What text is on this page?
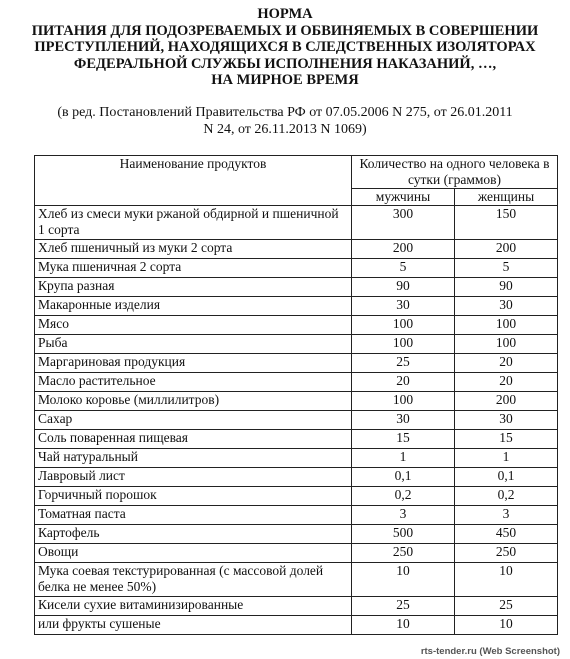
НОРМА
ПИТАНИЯ ДЛЯ ПОДОЗРЕВАЕМЫХ И ОБВИНЯЕМЫХ В СОВЕРШЕНИИ
ПРЕСТУПЛЕНИЙ, НАХОДЯЩИХСЯ В СЛЕДСТВЕННЫХ ИЗОЛЯТОРАХ
ФЕДЕРАЛЬНОЙ СЛУЖБЫ ИСПОЛНЕНИЯ НАКАЗАНИЙ, …,
НА МИРНОЕ ВРЕМЯ
(в ред. Постановлений Правительства РФ от 07.05.2006 N 275, от 26.01.2011
N 24, от 26.11.2013 N 1069)
Наименование продуктов	Количество на одного человека в сутки (граммов)	
	мужчины	женщины
Хлеб из смеси муки ржаной обдирной и пшеничной 1 сорта	300	150
Хлеб пшеничный из муки 2 сорта	200	200
Мука пшеничная 2 сорта	5	5
Крупа разная	90	90
Макаронные изделия	30	30
Мясо	100	100
Рыба	100	100
Маргариновая продукция	25	20
Масло растительное	20	20
Молоко коровье (миллилитров)	100	200
Сахар	30	30
Соль поваренная пищевая	15	15
Чай натуральный	1	1
Лавровый лист	0,1	0,1
Горчичный порошок	0,2	0,2
Томатная паста	3	3
Картофель	500	450
Овощи	250	250
Мука соевая текстурированная (с массовой долей белка не менее 50%)	10	10
Кисели сухие витаминизированные	25	25
или фрукты сушеные	10	10
rts-tender.ru (Web Screenshot)
